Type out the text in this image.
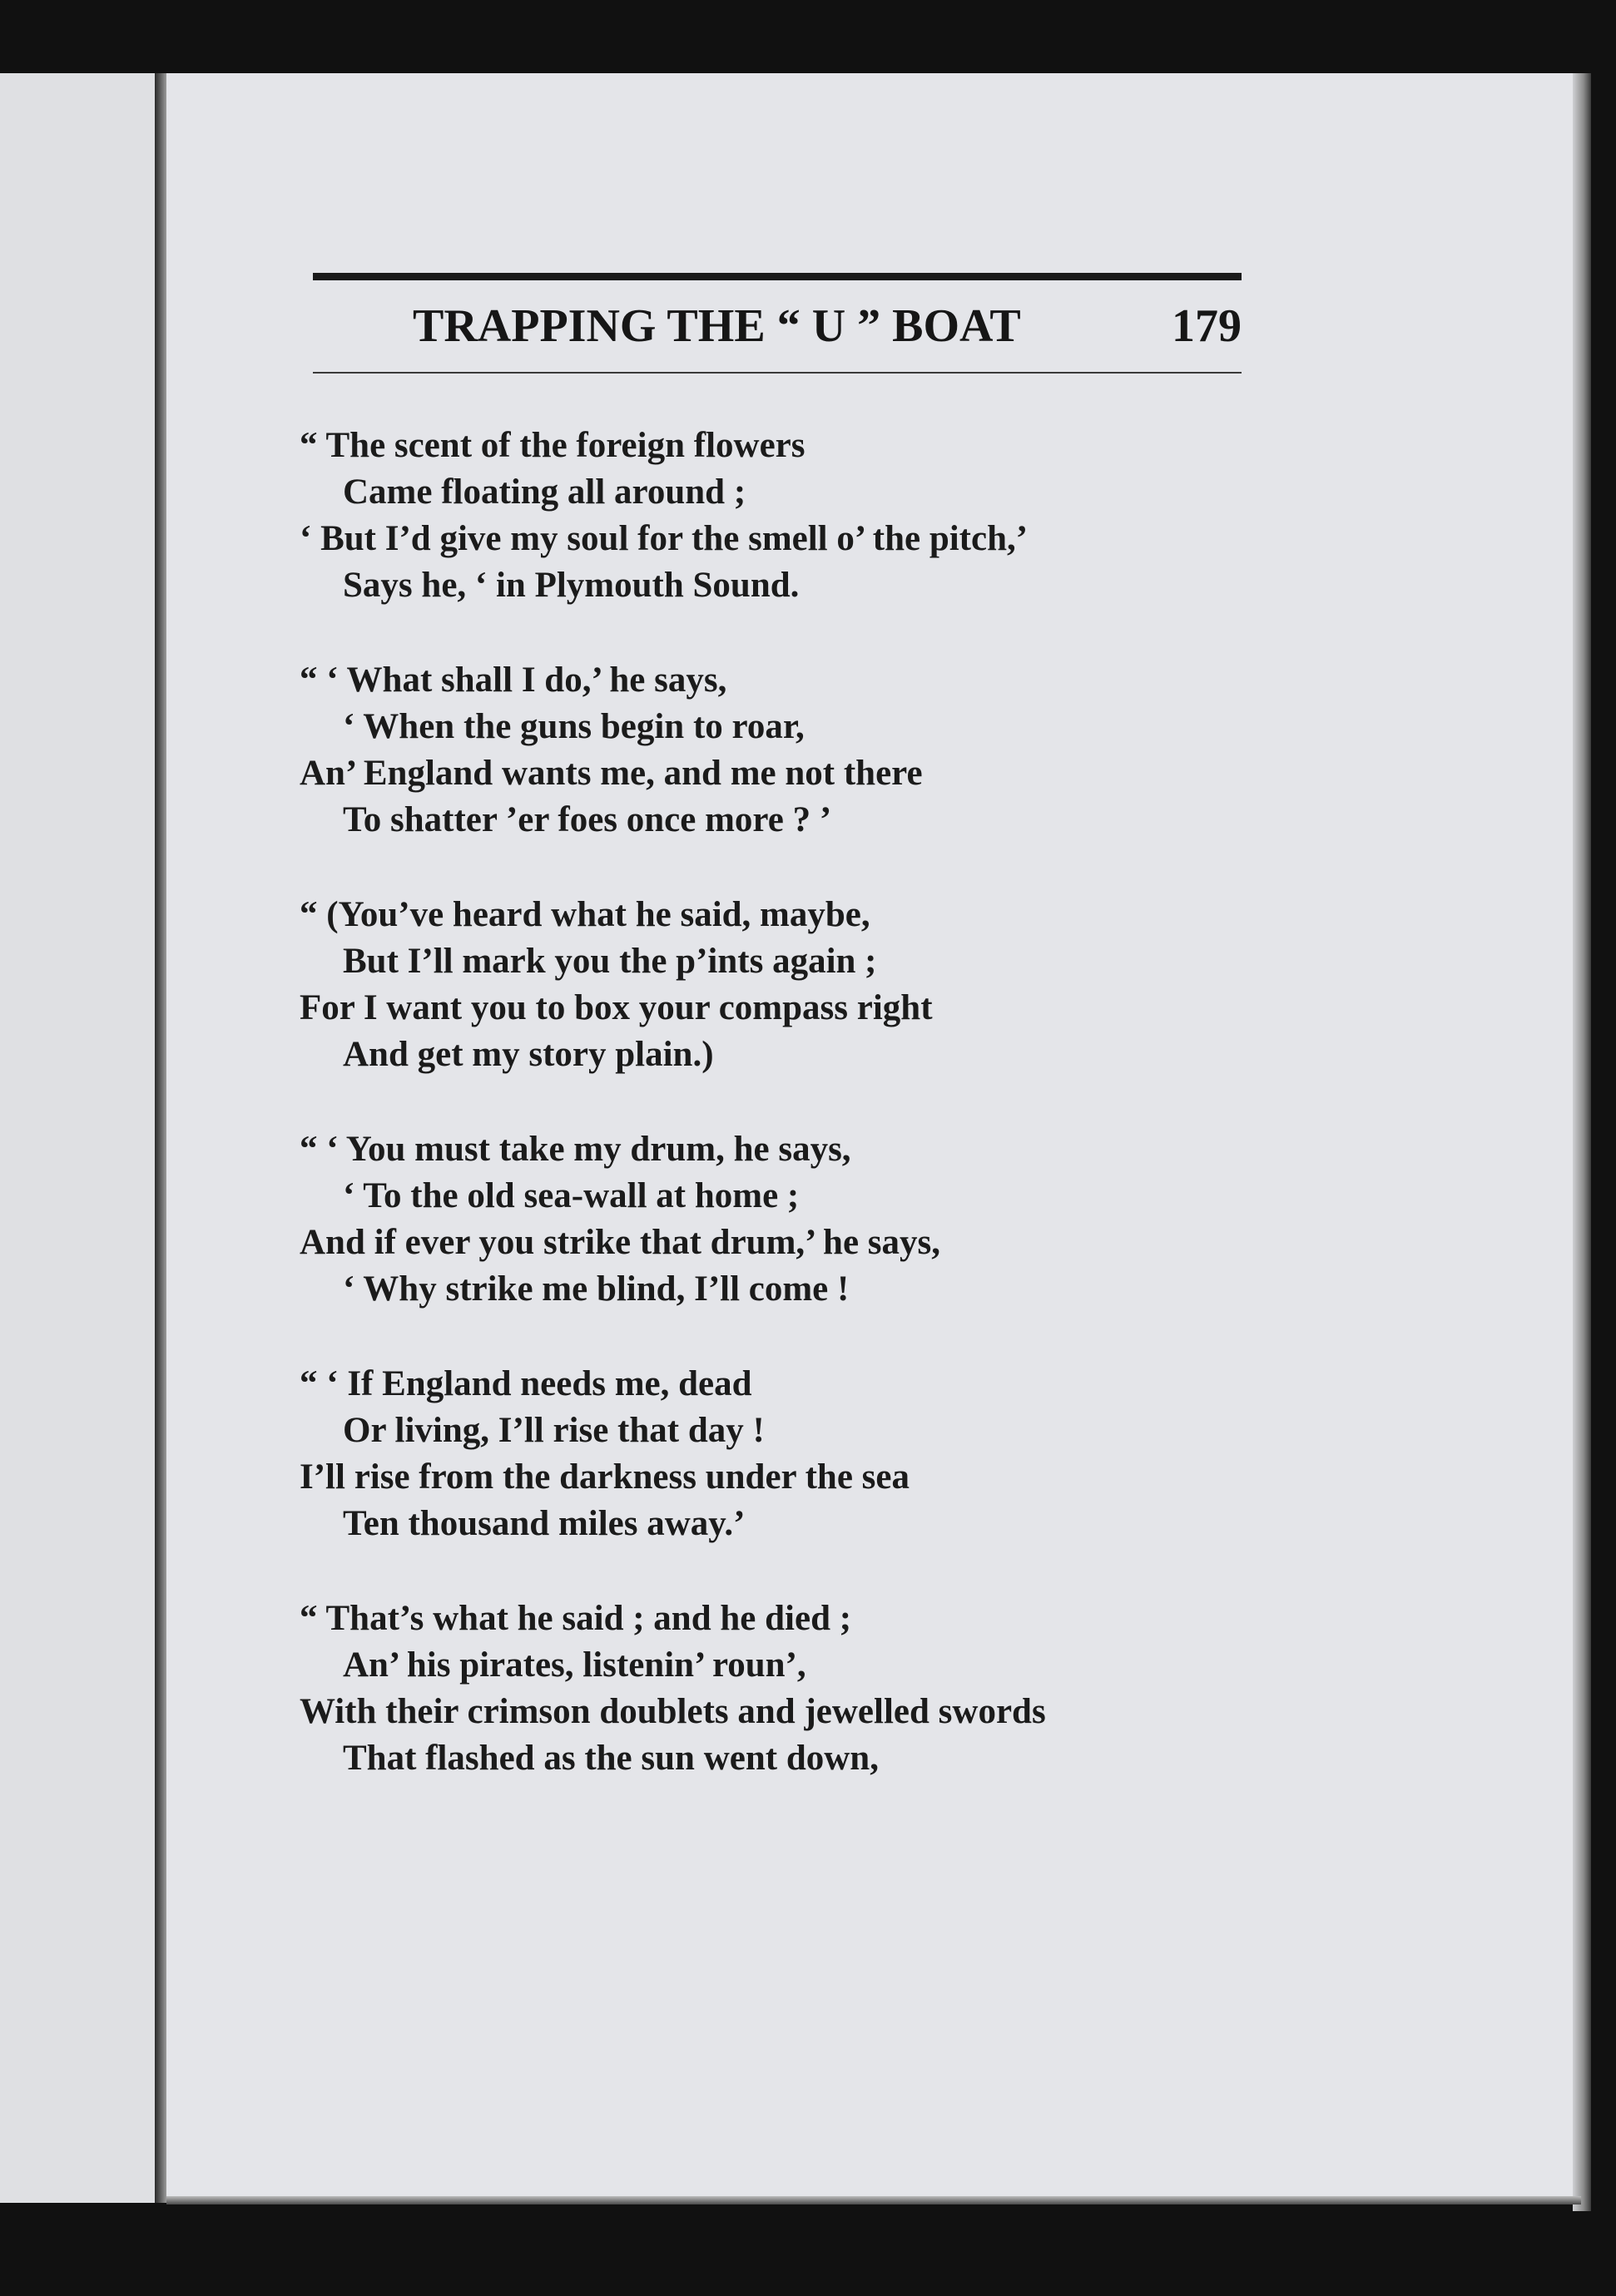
TRAPPING THE “ U ” BOAT	179
“ The scent of the foreign flowers
Came floating all around ;
‘ But I’d give my soul for the smell o’ the pitch,’
Says he, ‘ in Plymouth Sound.
“ ‘ What shall I do,’ he says,
‘ When the guns begin to roar,
An’ England wants me, and me not there
To shatter ’er foes once more ? ’
“ (You’ve heard what he said, maybe,
But I’ll mark you the p’ints again ;
For I want you to box your compass right
And get my story plain.)
“ ‘ You must take my drum, he says,
‘ To the old sea-wall at home ;
And if ever you strike that drum,’ he says,
‘ Why strike me blind, I’ll come !
“ ‘ If England needs me, dead
Or living, I’ll rise that day !
I’ll rise from the darkness under the sea
Ten thousand miles away.’
“ That’s what he said ; and he died ;
An’ his pirates, listenin’ roun’,
With their crimson doublets and jewelled swords
That flashed as the sun went down,
